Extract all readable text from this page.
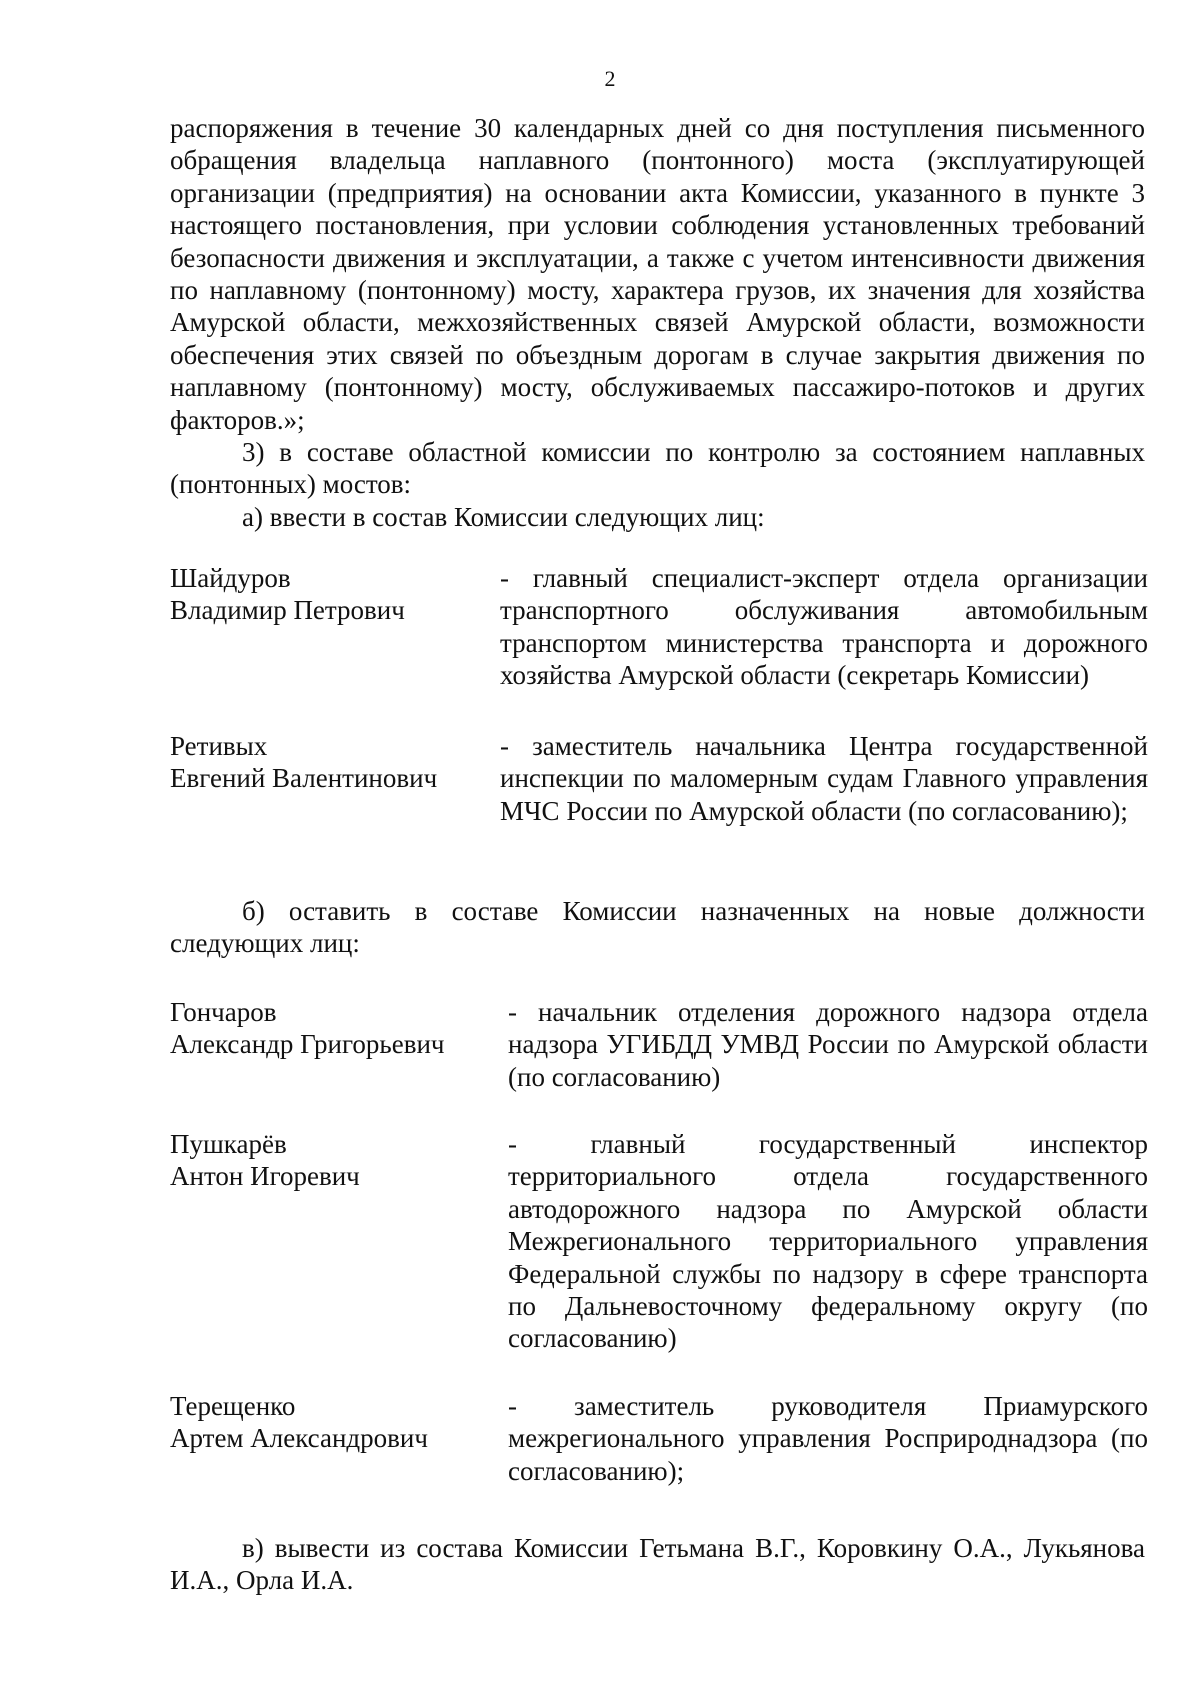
2

распоряжения в течение 30 календарных дней со дня поступления письменного обращения владельца наплавного (понтонного) моста (эксплуатирующей организации (предприятия) на основании акта Комиссии, указанного в пункте 3 настоящего постановления, при условии соблюдения установленных требований безопасности движения и эксплуатации, а также с учетом интенсивности движения по наплавному (понтонному) мосту, характера грузов, их значения для хозяйства Амурской области, межхозяйственных связей Амурской области, возможности обеспечения этих связей по объездным дорогам в случае закрытия движения по наплавному (понтонному) мосту, обслуживаемых пассажиро-потоков и других факторов.»;

3) в составе областной комиссии по контролю за состоянием наплавных (понтонных) мостов:

а) ввести в состав Комиссии следующих лиц:

Шайдуров
Владимир Петрович
- главный специалист-эксперт отдела организации транспортного обслуживания автомобильным транспортом министерства транспорта и дорожного хозяйства Амурской области (секретарь Комиссии)
Ретивых
Евгений Валентинович
- заместитель начальника Центра государственной инспекции по маломерным судам Главного управления МЧС России по Амурской области (по согласованию);

б) оставить в составе Комиссии назначенных на новые должности следующих лиц:

Гончаров
Александр Григорьевич
- начальник отделения дорожного надзора отдела надзора УГИБДД УМВД России по Амурской области (по согласованию)
Пушкарёв
Антон Игоревич
- главный государственный инспектор территориального отдела государственного автодорожного надзора по Амурской области Межрегионального территориального управления Федеральной службы по надзору в сфере транспорта по Дальневосточному федеральному округу (по согласованию)
Терещенко
Артем Александрович
- заместитель руководителя Приамурского межрегионального управления Росприроднадзора (по согласованию);

в) вывести из состава Комиссии Гетьмана В.Г., Коровкину О.А., Лукьянова И.А., Орла И.А.
